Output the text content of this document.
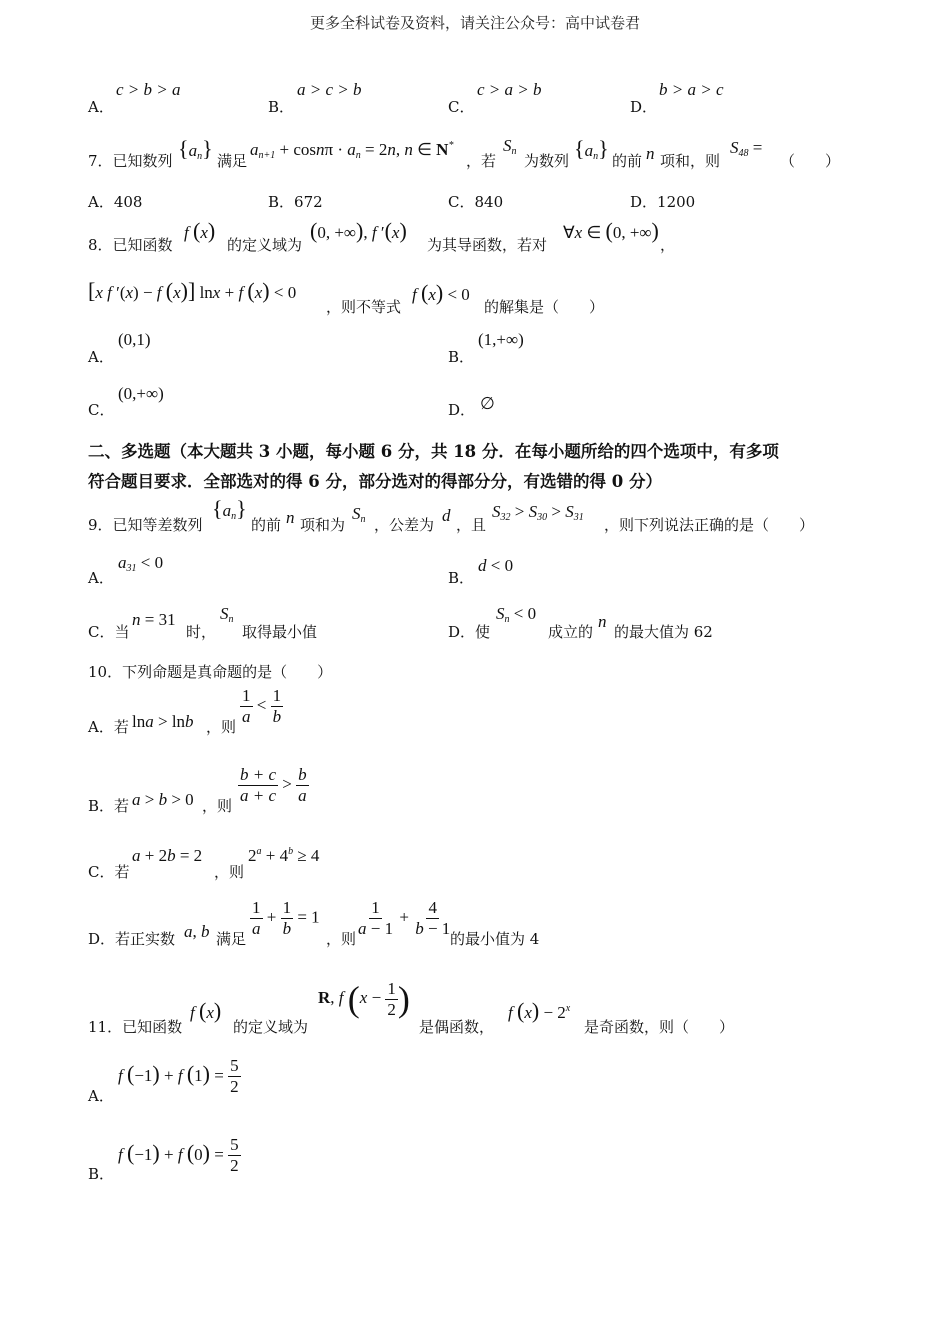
更多全科试卷及资料，请关注公众号：高中试卷君
A．
c > b > a
B．
a > c > b
C．
c > a > b
D．
b > a > c
7．已知数列 $\{a_n\}$ 满足
$a_{n+1} + \cos n\pi \cdot a_n = 2n$, n ∈ N*
，若
$S_n$
为数列 $\{a_n\}$ 的前 n 项和，则
$S_{48}$ =
（　　）
A．408	B．672	C．840	D．1200
8．已知函数
f (x)
的定义域为
(0, +∞), f ′(x)
为其导函数，若对
∀x ∈ (0, +∞)
，
[x f ′(x) − f (x)] lnx + f (x) < 0
，则不等式
f (x) < 0
的解集是（　　）
A．
(0,1)
B．
(1,+∞)
C．
(0,+∞)
D． ∅
二、多选题（本大题共 3 小题，每小题 6 分，共 18 分．在每小题所给的四个选项中，有多项
符合题目要求．全部选对的得 6 分，部分选对的得部分分，有选错的得 0 分）
9．已知等差数列
$\{a_n\}$
的前 n 项和为
$S_n$ ，公差为 d ，且
$S_{32} > S_{30} > S_{31}$ ，则下列说法正确的是（　　）
A．
$a_{31} < 0$
B．
d < 0
C．当
n = 31
时，
$S_n$
取得最小值	D．使
$S_n < 0$
成立的
n
的最大值为 62
10．下列命题是真命题的是（　　）
A．若 lna > lnb ，则 $\frac{1}{a} < \frac{1}{b}$
B．若 a > b > 0 ，则 $\frac{b + c}{a + c} > \frac{b}{a}$
C．若
a + 2b = 2
，则
$2^a + 4^b \ge 4$
D．若正实数 a, b 满足 $\frac{1}{a} + \frac{1}{b} = 1$
，则 $\frac{1}{a - 1} + \frac{4}{b - 1}$
的最小值为 4
11．已知函数
f (x)
的定义域为
R, f ($x - \frac{1}{2}$ )
是偶函数，
f $(x) - 2^x$
是奇函数，则（　　）
A．
f (−1) + f $(1) = \frac{5}{2}$
B．
f (−1) + f $(0) = \frac{5}{2}$
